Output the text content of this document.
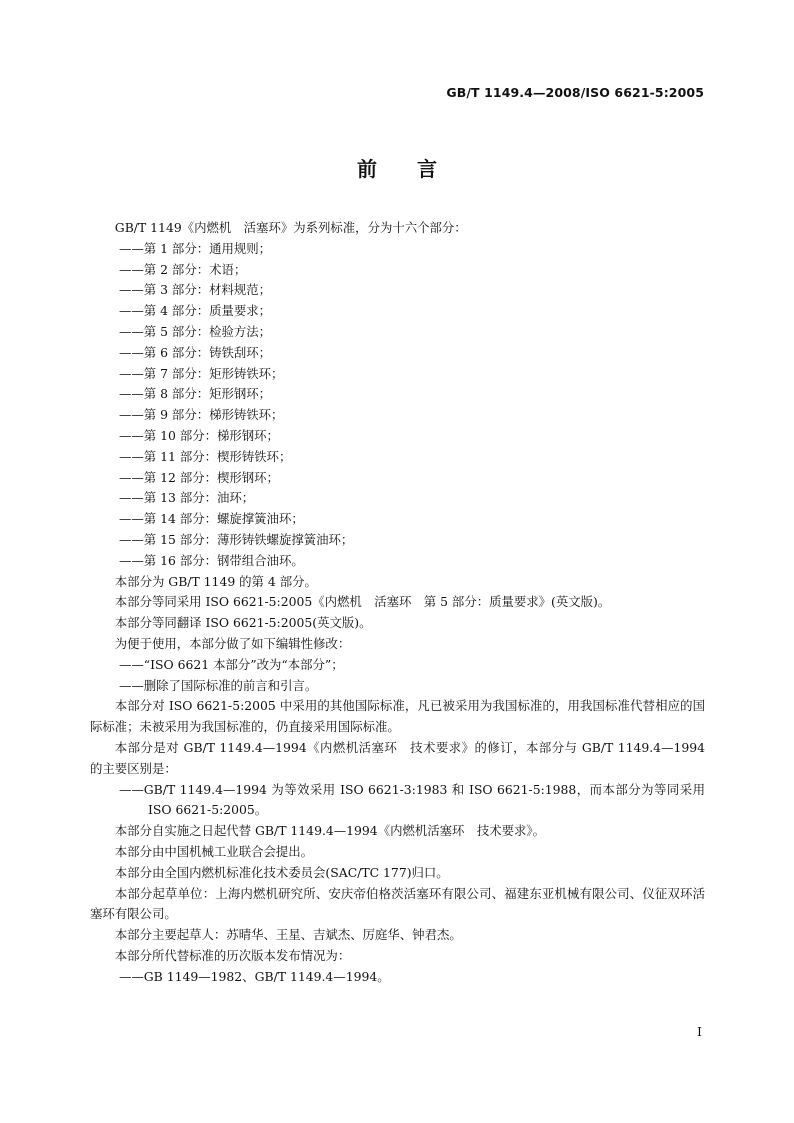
GB/T 1149.4—2008/ISO 6621-5:2005
前　　言

GB/T 1149《内燃机　活塞环》为系列标准，分为十六个部分：

——第 1 部分：通用规则；

——第 2 部分：术语；

——第 3 部分：材料规范；

——第 4 部分：质量要求；

——第 5 部分：检验方法；

——第 6 部分：铸铁刮环；

——第 7 部分：矩形铸铁环；

——第 8 部分：矩形钢环；

——第 9 部分：梯形铸铁环；

——第 10 部分：梯形钢环；

——第 11 部分：楔形铸铁环；

——第 12 部分：楔形钢环；

——第 13 部分：油环；

——第 14 部分：螺旋撑簧油环；

——第 15 部分：薄形铸铁螺旋撑簧油环；

——第 16 部分：钢带组合油环。

本部分为 GB/T 1149 的第 4 部分。

本部分等同采用 ISO 6621-5:2005《内燃机　活塞环　第 5 部分：质量要求》(英文版)。

本部分等同翻译 ISO 6621-5:2005(英文版)。

为便于使用，本部分做了如下编辑性修改：

——“ISO 6621 本部分”改为“本部分”；

——删除了国际标准的前言和引言。

本部分对 ISO 6621-5:2005 中采用的其他国际标准，凡已被采用为我国标准的，用我国标准代替相应的国际标准；未被采用为我国标准的，仍直接采用国际标准。

本部分是对 GB/T 1149.4—1994《内燃机活塞环　技术要求》的修订，本部分与 GB/T 1149.4—1994 的主要区别是：

——GB/T 1149.4—1994 为等效采用 ISO 6621-3:1983 和 ISO 6621-5:1988，而本部分为等同采用 ISO 6621-5:2005。

本部分自实施之日起代替 GB/T 1149.4—1994《内燃机活塞环　技术要求》。

本部分由中国机械工业联合会提出。

本部分由全国内燃机标准化技术委员会(SAC/TC 177)归口。

本部分起草单位：上海内燃机研究所、安庆帝伯格茨活塞环有限公司、福建东亚机械有限公司、仪征双环活塞环有限公司。

本部分主要起草人：苏晴华、王星、吉斌杰、厉庭华、钟君杰。

本部分所代替标准的历次版本发布情况为：

——GB 1149—1982、GB/T 1149.4—1994。

I
